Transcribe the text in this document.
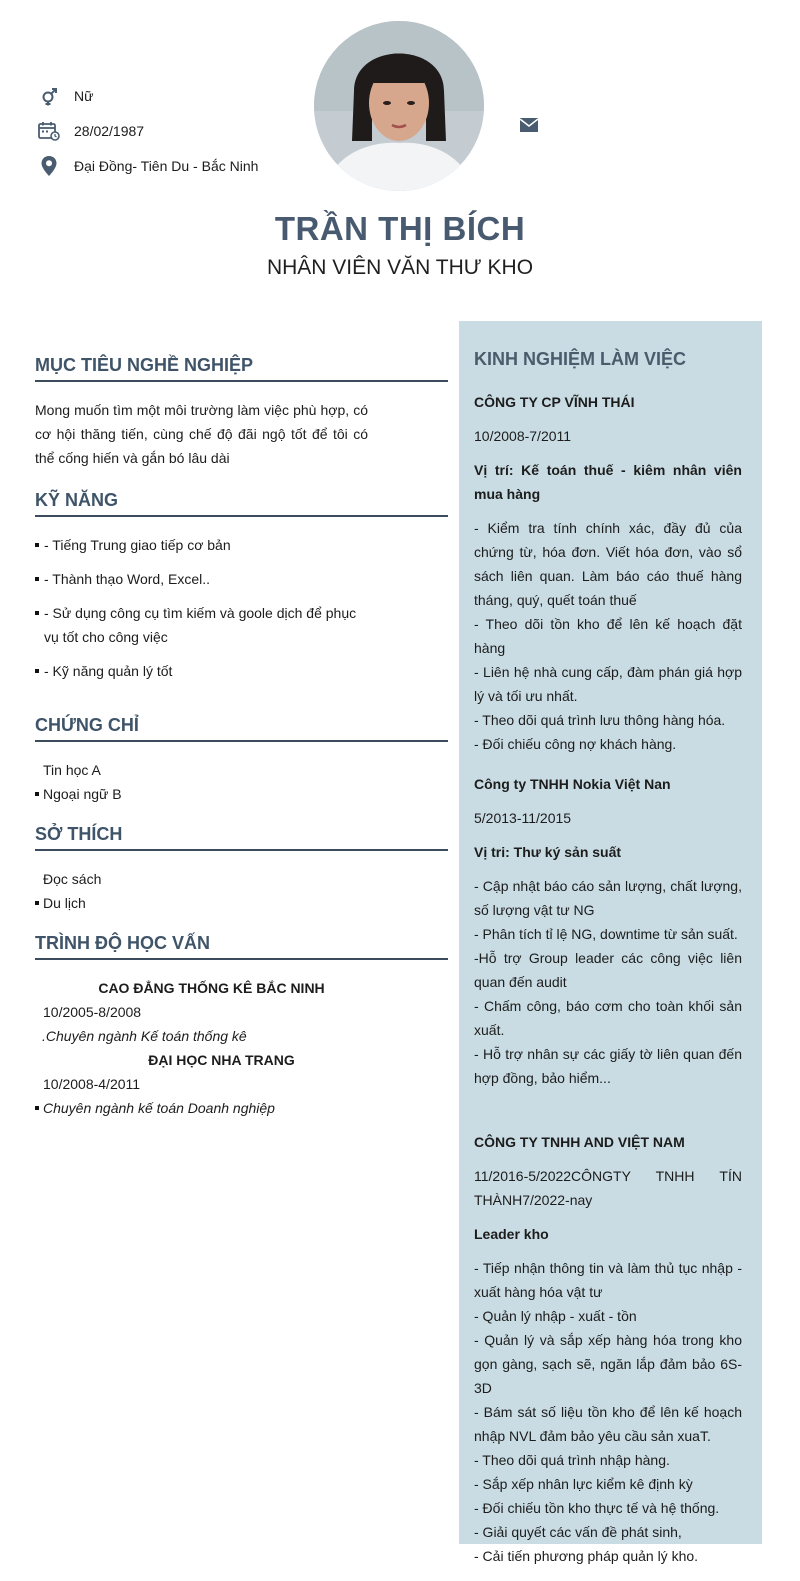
Nữ
28/02/1987
Đại Đồng- Tiên Du - Bắc Ninh
TRẦN THỊ BÍCH
NHÂN VIÊN VĂN THƯ KHO
MỤC TIÊU NGHỀ NGHIỆP
Mong muốn tìm một môi trường làm việc phù hợp, có cơ hội thăng tiến, cùng chế độ đãi ngộ tốt để tôi có thể cống hiến và gắn bó lâu dài
KỸ NĂNG
- Tiếng Trung giao tiếp cơ bản
- Thành thạo Word, Excel..
- Sử dụng công cụ tìm kiếm và goole dịch để phục vụ tốt cho công việc
- Kỹ năng quản lý tốt
CHỨNG CHỈ
Tin học A
Ngoại ngữ B
SỞ THÍCH
Đọc sách
Du lịch
TRÌNH ĐỘ HỌC VẤN
CAO ĐẲNG THỐNG KÊ BẮC NINH
10/2005-8/2008
.Chuyên ngành Kế toán thống kê
ĐẠI HỌC NHA TRANG
10/2008-4/2011
Chuyên ngành kế toán Doanh nghiệp
KINH NGHIỆM LÀM VIỆC
CÔNG TY CP VĨNH THÁI
10/2008-7/2011
Vị trí: Kế toán thuế - kiêm nhân viên mua hàng
- Kiểm tra tính chính xác, đầy đủ của chứng từ, hóa đơn. Viết hóa đơn, vào sổ sách liên quan. Làm báo cáo thuế hàng tháng, quý, quết toán thuế
- Theo dõi tồn kho để lên kế hoạch đặt hàng
- Liên hệ nhà cung cấp, đàm phán giá hợp lý và tối ưu nhất.
- Theo dõi quá trình lưu thông hàng hóa.
- Đối chiếu công nợ khách hàng.
Công ty TNHH Nokia Việt Nan
5/2013-11/2015
Vị tri: Thư ký sản suất
- Cập nhật báo cáo sản lượng, chất lượng, số lượng vật tư NG
- Phân tích tỉ lệ NG, downtime từ sản suất.
-Hỗ trợ Group leader các công việc liên quan đến audit
- Chấm công, báo cơm cho toàn khối sản xuất.
- Hỗ trợ nhân sự các giấy tờ liên quan đến hợp đồng, bảo hiểm...
CÔNG TY TNHH AND VIỆT NAM
11/2016-5/2022CÔNGTY TNHH TÍN THÀNH7/2022-nay
Leader kho
- Tiếp nhận thông tin và làm thủ tục nhập - xuất hàng hóa vật tư
- Quản lý nhập - xuất - tồn
- Quản lý và sắp xếp hàng hóa trong kho gọn gàng, sạch sẽ, ngăn lắp đảm bảo 6S-3D
- Bám sát số liệu tồn kho để lên kế hoạch nhập NVL đảm bảo yêu cầu sản xuaT.
- Theo dõi quá trình nhập hàng.
- Sắp xếp nhân lực kiểm kê định kỳ
- Đối chiếu tồn kho thực tế và hệ thống.
- Giải quyết các vấn đề phát sinh,
- Cải tiến phương pháp quản lý kho.
